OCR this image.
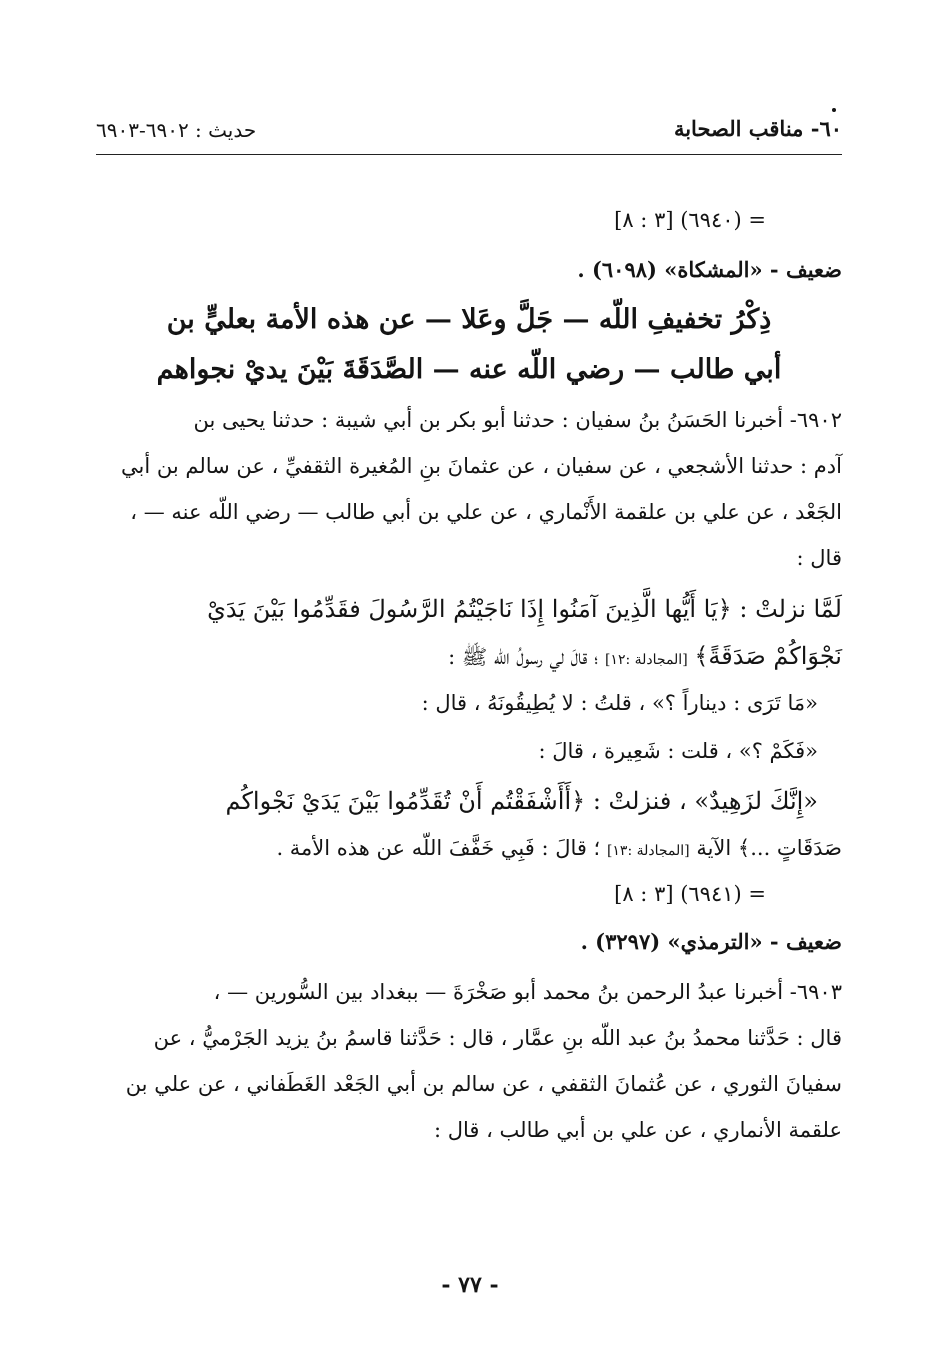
٦٠- مناقب الصحابة
حديث : ٦٩٠٢-٦٩٠٣

= (٦٩٤٠) [٣ : ٨]

ضعيف - «المشكاة» (٦٠٩٨) .

ذِكْرُ تخفيفِ اللّه — جَلَّ وعَلا — عن هذه الأمة بعليٍّ بن

أبي طالب — رضي اللّه عنه — الصَّدَقَةَ بَيْنَ يديْ نجواهم

٦٩٠٢- أخبرنا الحَسَنُ بنُ سفيان : حدثنا أبو بكر بن أبي شيبة : حدثنا يحيى بن

آدم : حدثنا الأشجعي ، عن سفيان ، عن عثمانَ بنِ المُغيرة الثقفيِّ ، عن سالم بن أبي

الجَعْد ، عن علي بن علقمة الأَنْماري ، عن علي بن أبي طالب — رضي اللّه عنه — ،

قال :

لَمَّا نزلتْ : ﴿يَا أَيُّها الَّذِينَ آمَنُوا إِذَا نَاجَيْتُمُ الرَّسُولَ فقَدِّمُوا بَيْنَ يَدَيْ

نَجْوَاكُمْ صَدَقَةً﴾ [المجادلة :١٢] ؛ قالَ لي رسولُ اللّه ﷺ :

«مَا تَرَى : ديناراً ؟» ، قلتُ : لا يُطِيقُونَهُ ، قال :

«فَكَمْ ؟» ، قلت : شَعِيرة ، قالَ :

«إِنَّكَ لزَهِيدٌ» ، فنزلتْ : ﴿أَأَشْفَقْتُم أَنْ تُقَدِّمُوا بَيْنَ يَدَيْ نَجْواكُم

صَدَقَاتٍ ...﴾ الآية [المجادلة :١٣] ؛ قالَ : فَبِي خَفَّفَ اللّه عن هذه الأمة .

= (٦٩٤١) [٣ : ٨]

ضعيف - «الترمذي» (٣٢٩٧) .

٦٩٠٣- أخبرنا عبدُ الرحمن بنُ محمد أبو صَخْرَةَ — ببغداد بين السُّورين — ،

قال : حَدَّثنا محمدُ بنُ عبد اللّه بنِ عمَّار ، قال : حَدَّثنا قاسمُ بنُ يزيد الجَرْميُّ ، عن

سفيانَ الثوري ، عن عُثمانَ الثقفي ، عن سالم بن أبي الجَعْد الغَطَفاني ، عن علي بن

علقمة الأنماري ، عن علي بن أبي طالب ، قال :

- ٧٧ -
